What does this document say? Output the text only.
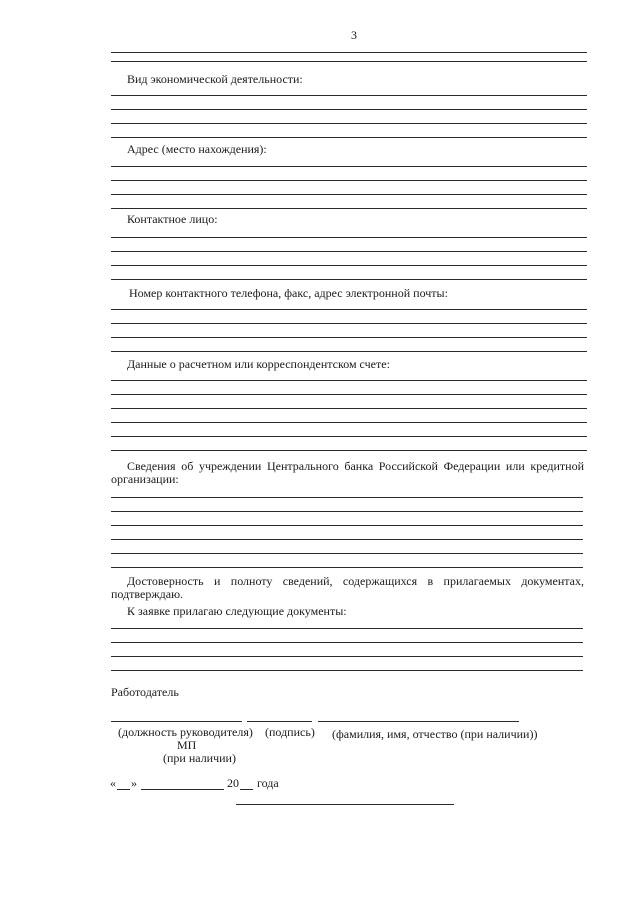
3
Вид экономической деятельности:
Адрес (место нахождения):
Контактное лицо:
Номер контактного телефона, факс, адрес электронной почты:
Данные о расчетном или корреспондентском счете:
Сведения об учреждении Центрального банка Российской Федерации или кредитной
организации:
Достоверность и полноту сведений, содержащихся в прилагаемых документах,
подтверждаю.
К заявке прилагаю следующие документы:
Работодатель
(должность руководителя) (подпись) (фамилия, имя, отчество (при наличии))
МП
(при наличии)
« »	20 года
